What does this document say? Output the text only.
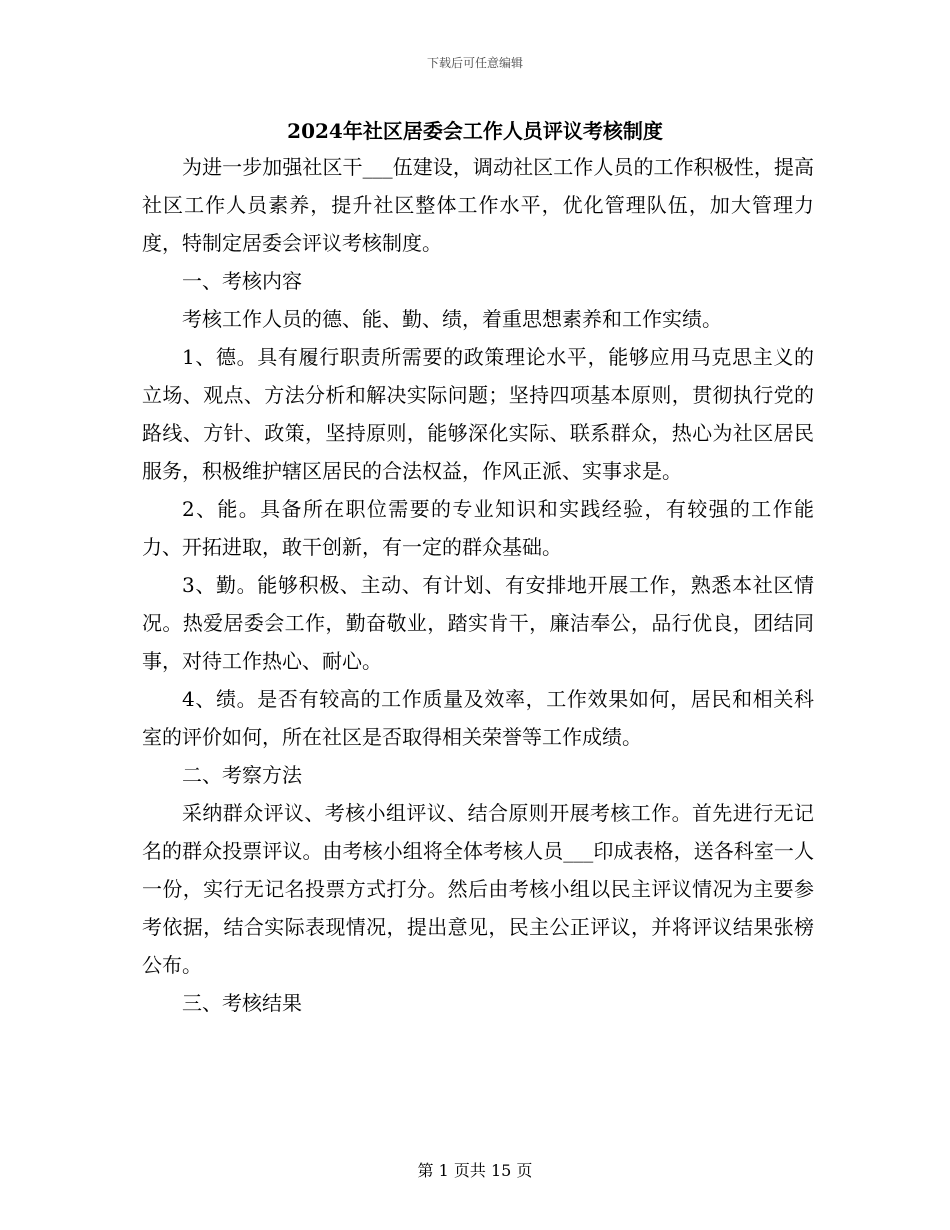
下载后可任意编辑
2024年社区居委会工作人员评议考核制度

为进一步加强社区干___伍建设，调动社区工作人员的工作积极性，提高社区工作人员素养，提升社区整体工作水平，优化管理队伍，加大管理力度，特制定居委会评议考核制度。

一、考核内容

考核工作人员的德、能、勤、绩，着重思想素养和工作实绩。

1、德。具有履行职责所需要的政策理论水平，能够应用马克思主义的立场、观点、方法分析和解决实际问题；坚持四项基本原则，贯彻执行党的路线、方针、政策，坚持原则，能够深化实际、联系群众，热心为社区居民服务，积极维护辖区居民的合法权益，作风正派、实事求是。

2、能。具备所在职位需要的专业知识和实践经验，有较强的工作能力、开拓进取，敢干创新，有一定的群众基础。

3、勤。能够积极、主动、有计划、有安排地开展工作，熟悉本社区情况。热爱居委会工作，勤奋敬业，踏实肯干，廉洁奉公，品行优良，团结同事，对待工作热心、耐心。

4、绩。是否有较高的工作质量及效率，工作效果如何，居民和相关科室的评价如何，所在社区是否取得相关荣誉等工作成绩。

二、考察方法

采纳群众评议、考核小组评议、结合原则开展考核工作。首先进行无记名的群众投票评议。由考核小组将全体考核人员___印成表格，送各科室一人一份，实行无记名投票方式打分。然后由考核小组以民主评议情况为主要参考依据，结合实际表现情况，提出意见，民主公正评议，并将评议结果张榜公布。

三、考核结果

第 1 页共 15 页
